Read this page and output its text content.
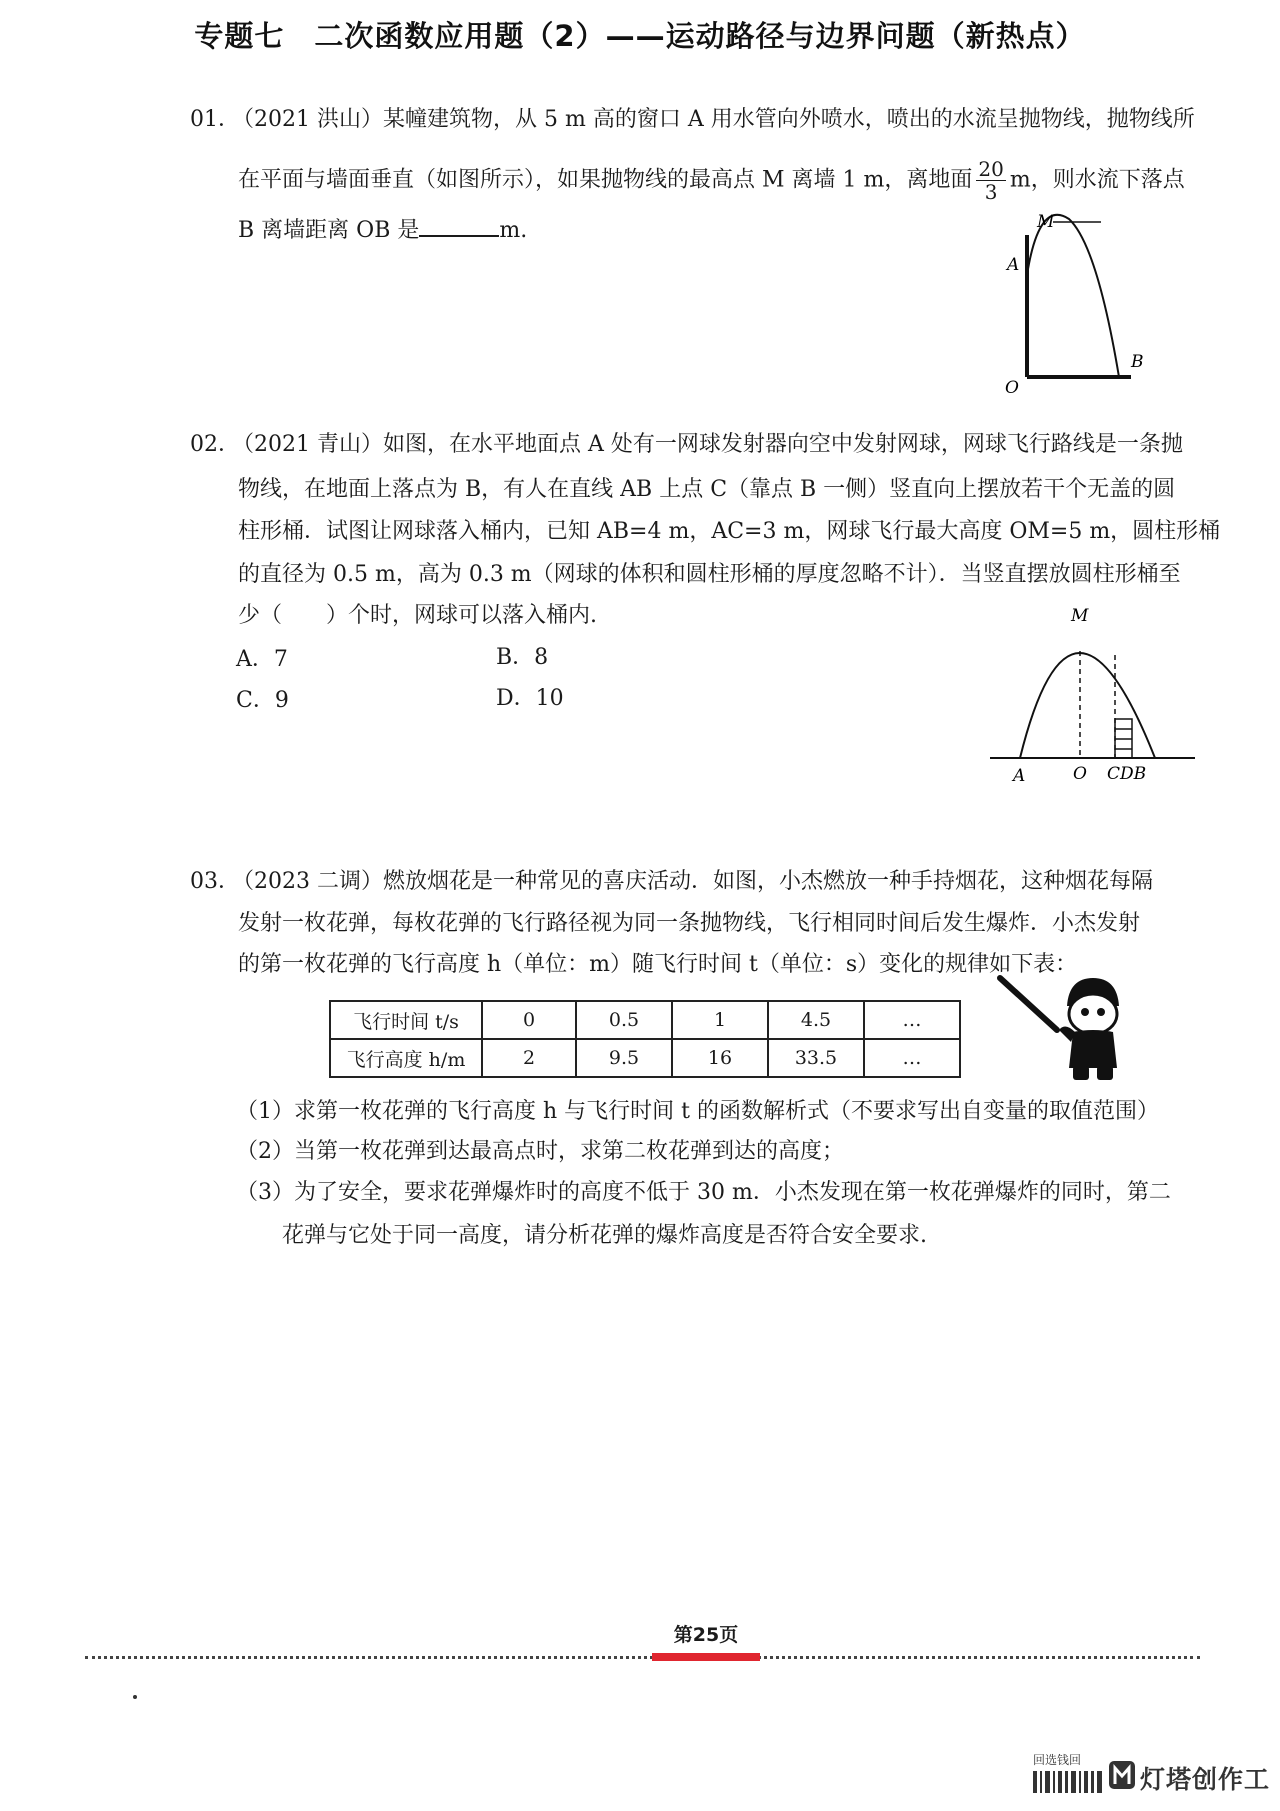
专题七　二次函数应用题（2）——运动路径与边界问题（新热点）
01．
（2021 洪山）某幢建筑物，从 5 m 高的窗口 A 用水管向外喷水，喷出的水流呈抛物线，抛物线所
在平面与墙面垂直（如图所示），如果抛物线的最高点 M 离墙 1 m，离地面 $\frac{20}{3}$ m，则水流下落点
B 离墙距离 OB 是	m.	M
A
B
O
02．
（2021 青山）如图，在水平地面点 A 处有一网球发射器向空中发射网球，网球飞行路线是一条抛
物线，在地面上落点为 B，有人在直线 AB 上点 C（靠点 B 一侧）竖直向上摆放若干个无盖的圆
柱形桶．试图让网球落入桶内，已知 AB=4 m，AC=3 m，网球飞行最大高度 OM=5 m，圆柱形桶
的直径为 0.5 m，高为 0.3 m（网球的体积和圆柱形桶的厚度忽略不计）．当竖直摆放圆柱形桶至
少（　　）个时，网球可以落入桶内.
A．7	B．8
C．9	D．10
M
A	O CDB
03．
（2023 二调）燃放烟花是一种常见的喜庆活动．如图，小杰燃放一种手持烟花，这种烟花每隔
发射一枚花弹，每枚花弹的飞行路径视为同一条抛物线，飞行相同时间后发生爆炸．小杰发射
的第一枚花弹的飞行高度 h（单位：m）随飞行时间 t（单位：s）变化的规律如下表：
飞行时间 t/s	0	0.5	1	4.5	…
飞行高度 h/m	2	9.5	16	33.5	…
（1）求第一枚花弹的飞行高度 h 与飞行时间 t 的函数解析式（不要求写出自变量的取值范围）
（2）当第一枚花弹到达最高点时，求第二枚花弹到达的高度；
（3）为了安全，要求花弹爆炸时的高度不低于 30 m．小杰发现在第一枚花弹爆炸的同时，第二
花弹与它处于同一高度，请分析花弹的爆炸高度是否符合安全要求.
第25页
回选钱回
灯塔创作工
